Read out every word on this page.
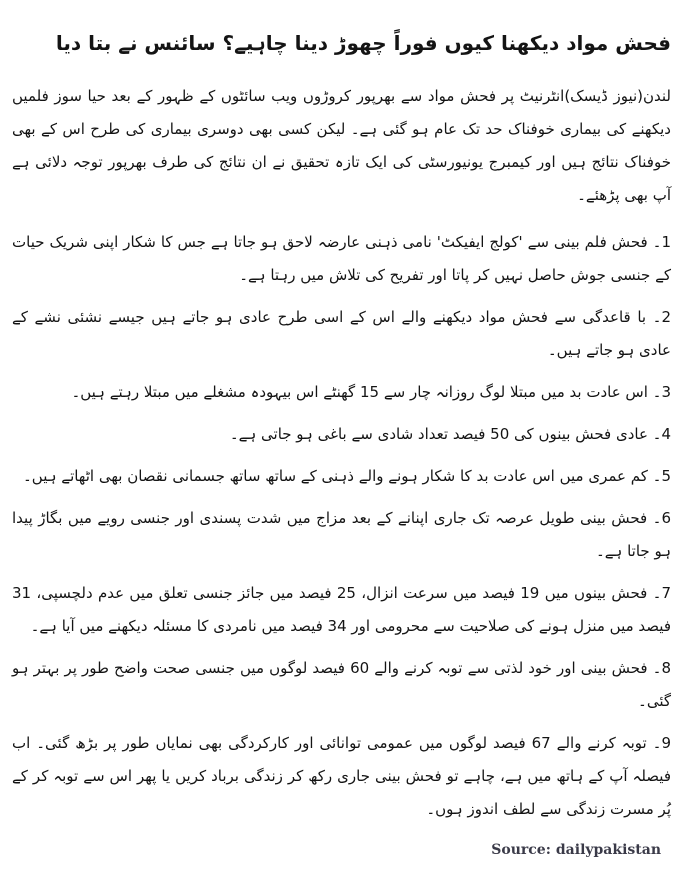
فحش مواد دیکھنا کیوں فوراً چھوڑ دینا چاہیے؟ سائنس نے بتا دیا

لندن(نیوز ڈیسک)انٹرنیٹ پر فحش مواد سے بھرپور کروڑوں ویب سائٹوں کے ظہور کے بعد حیا سوز فلمیں دیکھنے کی بیماری خوفناک حد تک عام ہو گئی ہے۔ لیکن کسی بھی دوسری بیماری کی طرح اس کے بھی خوفناک نتائج ہیں اور کیمبرج یونیورسٹی کی ایک تازہ تحقیق نے ان نتائج کی طرف بھرپور توجہ دلائی ہے آپ بھی پڑھئے۔

1۔ فحش فلم بینی سے 'کولج ایفیکٹ' نامی ذہنی عارضہ لاحق ہو جاتا ہے جس کا شکار اپنی شریک حیات کے جنسی جوش حاصل نہیں کر پاتا اور تفریح کی تلاش میں رہتا ہے۔

2۔ با قاعدگی سے فحش مواد دیکھنے والے اس کے اسی طرح عادی ہو جاتے ہیں جیسے نشئی نشے کے عادی ہو جاتے ہیں۔

3۔ اس عادت بد میں مبتلا لوگ روزانہ چار سے 15 گھنٹے اس بیہودہ مشغلے میں مبتلا رہتے ہیں۔

4۔ عادی فحش بینوں کی 50 فیصد تعداد شادی سے باغی ہو جاتی ہے۔

5۔ کم عمری میں اس عادت بد کا شکار ہونے والے ذہنی کے ساتھ ساتھ جسمانی نقصان بھی اٹھاتے ہیں۔

6۔ فحش بینی طویل عرصہ تک جاری اپنانے کے بعد مزاج میں شدت پسندی اور جنسی رویے میں بگاڑ پیدا ہو جاتا ہے۔

7۔ فحش بینوں میں 19 فیصد میں سرعت انزال، 25 فیصد میں جائز جنسی تعلق میں عدم دلچسپی، 31 فیصد میں منزل ہونے کی صلاحیت سے محرومی اور 34 فیصد میں نامردی کا مسئلہ دیکھنے میں آیا ہے۔

8۔ فحش بینی اور خود لذتی سے توبہ کرنے والے 60 فیصد لوگوں میں جنسی صحت واضح طور پر بہتر ہو گئی۔

9۔ توبہ کرنے والے 67 فیصد لوگوں میں عمومی توانائی اور کارکردگی بھی نمایاں طور پر بڑھ گئی۔ اب فیصلہ آپ کے ہاتھ میں ہے، چاہے تو فحش بینی جاری رکھ کر زندگی برباد کریں یا پھر اس سے توبہ کر کے پُر مسرت زندگی سے لطف اندوز ہوں۔

Source: dailypakistan
